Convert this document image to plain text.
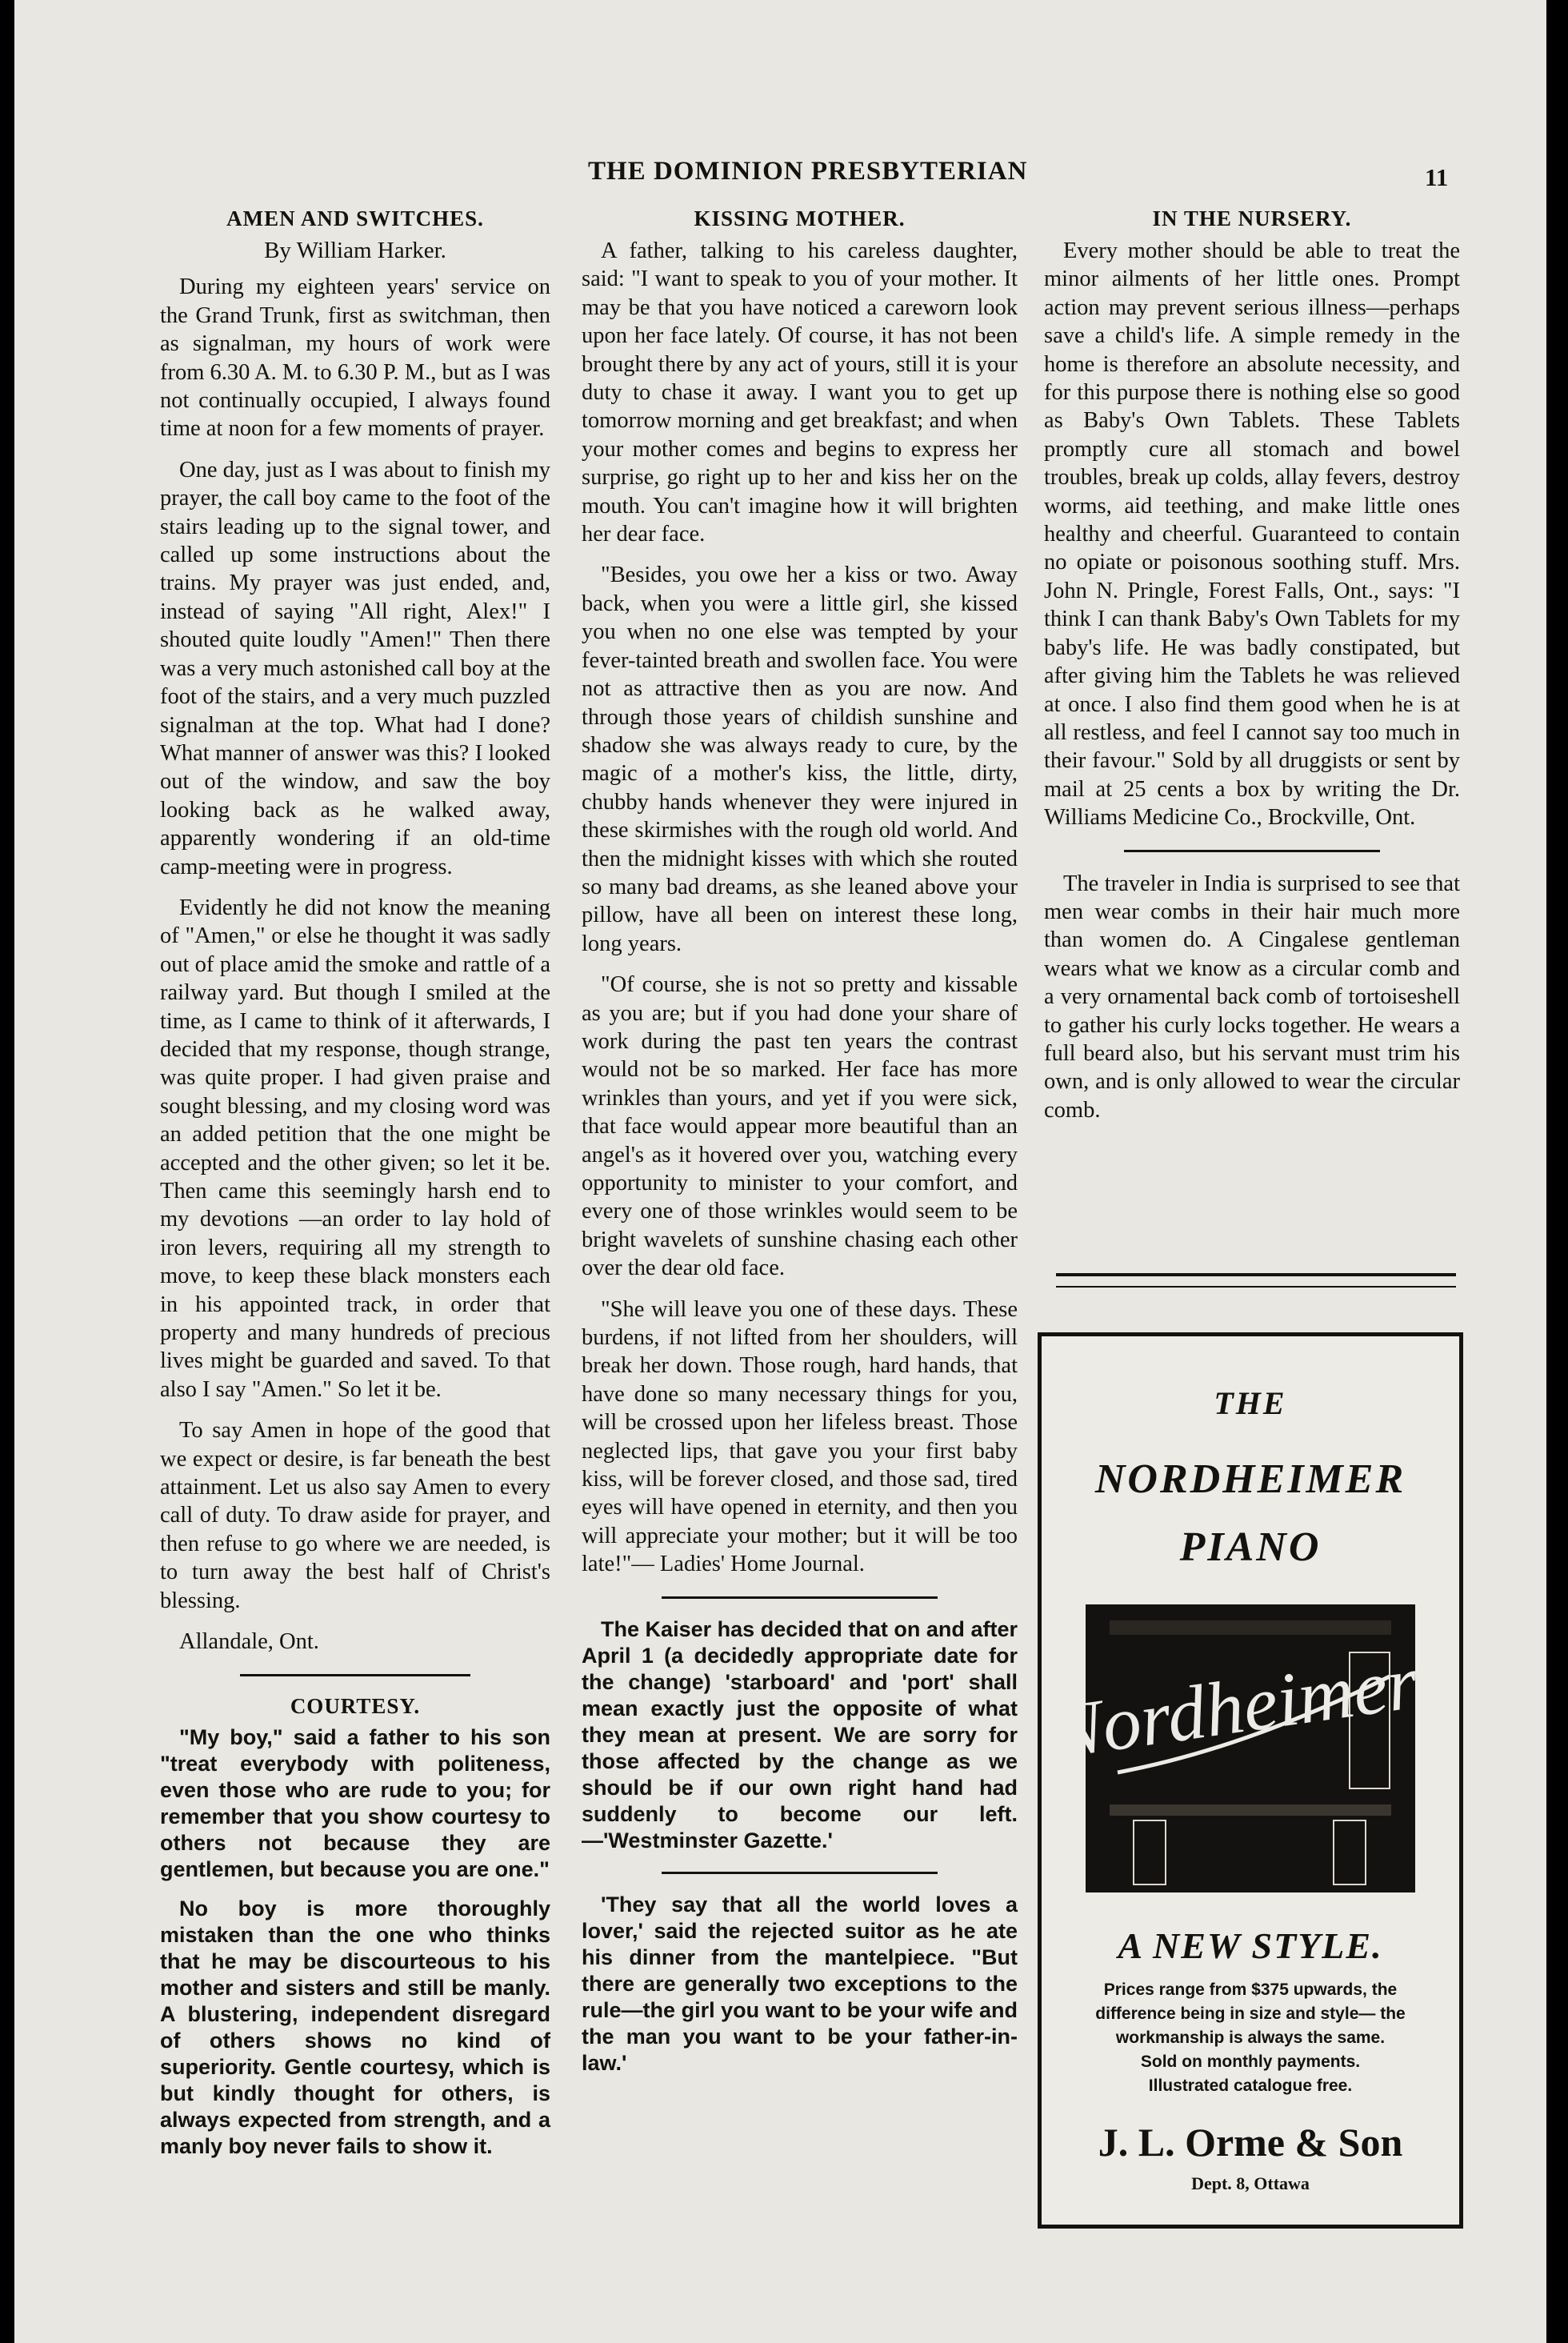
THE DOMINION PRESBYTERIAN	11
AMEN AND SWITCHES.
By William Harker.

During my eighteen years' service on the Grand Trunk, first as switchman, then as signalman, my hours of work were from 6.30 A. M. to 6.30 P. M., but as I was not continually occupied, I always found time at noon for a few moments of prayer.

One day, just as I was about to finish my prayer, the call boy came to the foot of the stairs leading up to the signal tower, and called up some instructions about the trains. My prayer was just ended, and, instead of saying "All right, Alex!" I shouted quite loudly "Amen!" Then there was a very much astonished call boy at the foot of the stairs, and a very much puzzled signalman at the top. What had I done? What manner of answer was this? I looked out of the window, and saw the boy looking back as he walked away, apparently wondering if an old-time camp-meeting were in progress.

Evidently he did not know the meaning of "Amen," or else he thought it was sadly out of place amid the smoke and rattle of a railway yard. But though I smiled at the time, as I came to think of it afterwards, I decided that my response, though strange, was quite proper. I had given praise and sought blessing, and my closing word was an added petition that the one might be accepted and the other given; so let it be. Then came this seemingly harsh end to my devotions —an order to lay hold of iron levers, requiring all my strength to move, to keep these black monsters each in his appointed track, in order that property and many hundreds of precious lives might be guarded and saved. To that also I say "Amen." So let it be.

To say Amen in hope of the good that we expect or desire, is far beneath the best attainment. Let us also say Amen to every call of duty. To draw aside for prayer, and then refuse to go where we are needed, is to turn away the best half of Christ's blessing.

Allandale, Ont.

COURTESY.

"My boy," said a father to his son "treat everybody with politeness, even those who are rude to you; for remember that you show courtesy to others not because they are gentlemen, but because you are one."

No boy is more thoroughly mistaken than the one who thinks that he may be discourteous to his mother and sisters and still be manly. A blustering, independent disregard of others shows no kind of superiority. Gentle courtesy, which is but kindly thought for others, is always expected from strength, and a manly boy never fails to show it.

KISSING MOTHER.

A father, talking to his careless daughter, said: "I want to speak to you of your mother. It may be that you have noticed a careworn look upon her face lately. Of course, it has not been brought there by any act of yours, still it is your duty to chase it away. I want you to get up tomorrow morning and get breakfast; and when your mother comes and begins to express her surprise, go right up to her and kiss her on the mouth. You can't imagine how it will brighten her dear face.

"Besides, you owe her a kiss or two. Away back, when you were a little girl, she kissed you when no one else was tempted by your fever-tainted breath and swollen face. You were not as attractive then as you are now. And through those years of childish sunshine and shadow she was always ready to cure, by the magic of a mother's kiss, the little, dirty, chubby hands whenever they were injured in these skirmishes with the rough old world. And then the midnight kisses with which she routed so many bad dreams, as she leaned above your pillow, have all been on interest these long, long years.

"Of course, she is not so pretty and kissable as you are; but if you had done your share of work during the past ten years the contrast would not be so marked. Her face has more wrinkles than yours, and yet if you were sick, that face would appear more beautiful than an angel's as it hovered over you, watching every opportunity to minister to your comfort, and every one of those wrinkles would seem to be bright wavelets of sunshine chasing each other over the dear old face.

"She will leave you one of these days. These burdens, if not lifted from her shoulders, will break her down. Those rough, hard hands, that have done so many necessary things for you, will be crossed upon her lifeless breast. Those neglected lips, that gave you your first baby kiss, will be forever closed, and those sad, tired eyes will have opened in eternity, and then you will appreciate your mother; but it will be too late!"— Ladies' Home Journal.

The Kaiser has decided that on and after April 1 (a decidedly appropriate date for the change) 'starboard' and 'port' shall mean exactly just the opposite of what they mean at present. We are sorry for those affected by the change as we should be if our own right hand had suddenly to become our left.—'Westminster Gazette.'

'They say that all the world loves a lover,' said the rejected suitor as he ate his dinner from the mantelpiece. "But there are generally two exceptions to the rule—the girl you want to be your wife and the man you want to be your father-in-law.'

IN THE NURSERY.

Every mother should be able to treat the minor ailments of her little ones. Prompt action may prevent serious illness—perhaps save a child's life. A simple remedy in the home is therefore an absolute necessity, and for this purpose there is nothing else so good as Baby's Own Tablets. These Tablets promptly cure all stomach and bowel troubles, break up colds, allay fevers, destroy worms, aid teething, and make little ones healthy and cheerful. Guaranteed to contain no opiate or poisonous soothing stuff. Mrs. John N. Pringle, Forest Falls, Ont., says: "I think I can thank Baby's Own Tablets for my baby's life. He was badly constipated, but after giving him the Tablets he was relieved at once. I also find them good when he is at all restless, and feel I cannot say too much in their favour." Sold by all druggists or sent by mail at 25 cents a box by writing the Dr. Williams Medicine Co., Brockville, Ont.

The traveler in India is surprised to see that men wear combs in their hair much more than women do. A Cingalese gentleman wears what we know as a circular comb and a very ornamental back comb of tortoiseshell to gather his curly locks together. He wears a full beard also, but his servant must trim his own, and is only allowed to wear the circular comb.

THE
NORDHEIMER
PIANO
Nordheimer
A NEW STYLE.
Prices range from $375 upwards, the difference being in size and style— the workmanship is always the same.
Sold on monthly payments.
Illustrated catalogue free.
J. L. Orme & Son
Dept. 8, Ottawa
